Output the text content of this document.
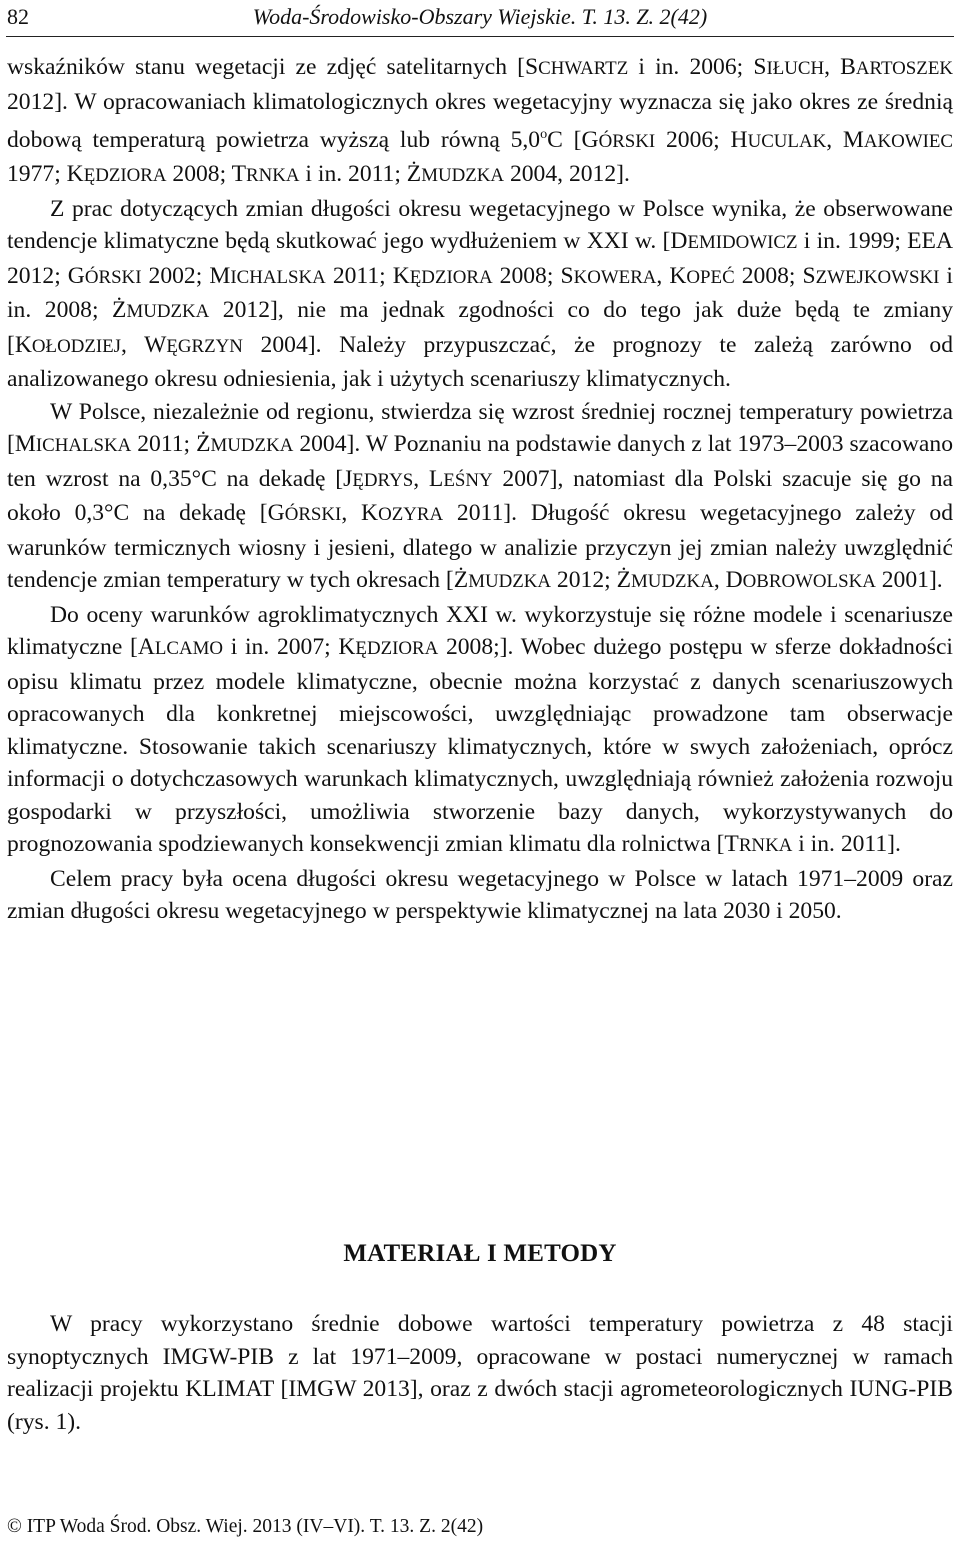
82	Woda-Środowisko-Obszary Wiejskie. T. 13. Z. 2(42)

wskaźników stanu wegetacji ze zdjęć satelitarnych [SCHWARTZ i in. 2006; SIŁUCH, BARTOSZEK 2012]. W opracowaniach klimatologicznych okres wegetacyjny wyznacza się jako okres ze średnią dobową temperaturą powietrza wyższą lub równą 5,0$^o$C [GÓRSKI 2006; HUCULAK, MAKOWIEC 1977; KĘDZIORA 2008; TRNKA i in. 2011; ŻMUDZKA 2004, 2012].

Z prac dotyczących zmian długości okresu wegetacyjnego w Polsce wynika, że obserwowane tendencje klimatyczne będą skutkować jego wydłużeniem w XXI w. [DEMIDOWICZ i in. 1999; EEA 2012; GÓRSKI 2002; MICHALSKA 2011; KĘDZIORA 2008; SKOWERA, KOPEĆ 2008; SZWEJKOWSKI i in. 2008; ŻMUDZKA 2012], nie ma jednak zgodności co do tego jak duże będą te zmiany [KOŁODZIEJ, WĘGRZYN 2004]. Należy przypuszczać, że prognozy te zależą zarówno od analizowanego okresu odniesienia, jak i użytych scenariuszy klimatycznych.

W Polsce, niezależnie od regionu, stwierdza się wzrost średniej rocznej temperatury powietrza [MICHALSKA 2011; ŻMUDZKA 2004]. W Poznaniu na podstawie danych z lat 1973–2003 szacowano ten wzrost na 0,35°C na dekadę [JĘDRYS, LEŚNY 2007], natomiast dla Polski szacuje się go na około 0,3°C na dekadę [GÓRSKI, KOZYRA 2011]. Długość okresu wegetacyjnego zależy od warunków termicznych wiosny i jesieni, dlatego w analizie przyczyn jej zmian należy uwzględnić tendencje zmian temperatury w tych okresach [ŻMUDZKA 2012; ŻMUDZKA, DOBROWOLSKA 2001].

Do oceny warunków agroklimatycznych XXI w. wykorzystuje się różne modele i scenariusze klimatyczne [ALCAMO i in. 2007; KĘDZIORA 2008;]. Wobec dużego postępu w sferze dokładności opisu klimatu przez modele klimatyczne, obecnie można korzystać z danych scenariuszowych opracowanych dla konkretnej miejscowości, uwzględniając prowadzone tam obserwacje klimatyczne. Stosowanie takich scenariuszy klimatycznych, które w swych założeniach, oprócz informacji o dotychczasowych warunkach klimatycznych, uwzględniają również założenia rozwoju gospodarki w przyszłości, umożliwia stworzenie bazy danych, wykorzystywanych do prognozowania spodziewanych konsekwencji zmian klimatu dla rolnictwa [TRNKA i in. 2011].

Celem pracy była ocena długości okresu wegetacyjnego w Polsce w latach 1971–2009 oraz zmian długości okresu wegetacyjnego w perspektywie klimatycznej na lata 2030 i 2050.

MATERIAŁ I METODY

W pracy wykorzystano średnie dobowe wartości temperatury powietrza z 48 stacji synoptycznych IMGW-PIB z lat 1971–2009, opracowane w postaci numerycznej w ramach realizacji projektu KLIMAT [IMGW 2013], oraz z dwóch stacji agrometeorologicznych IUNG-PIB (rys. 1).

© ITP Woda Środ. Obsz. Wiej. 2013 (IV–VI). T. 13. Z. 2(42)
